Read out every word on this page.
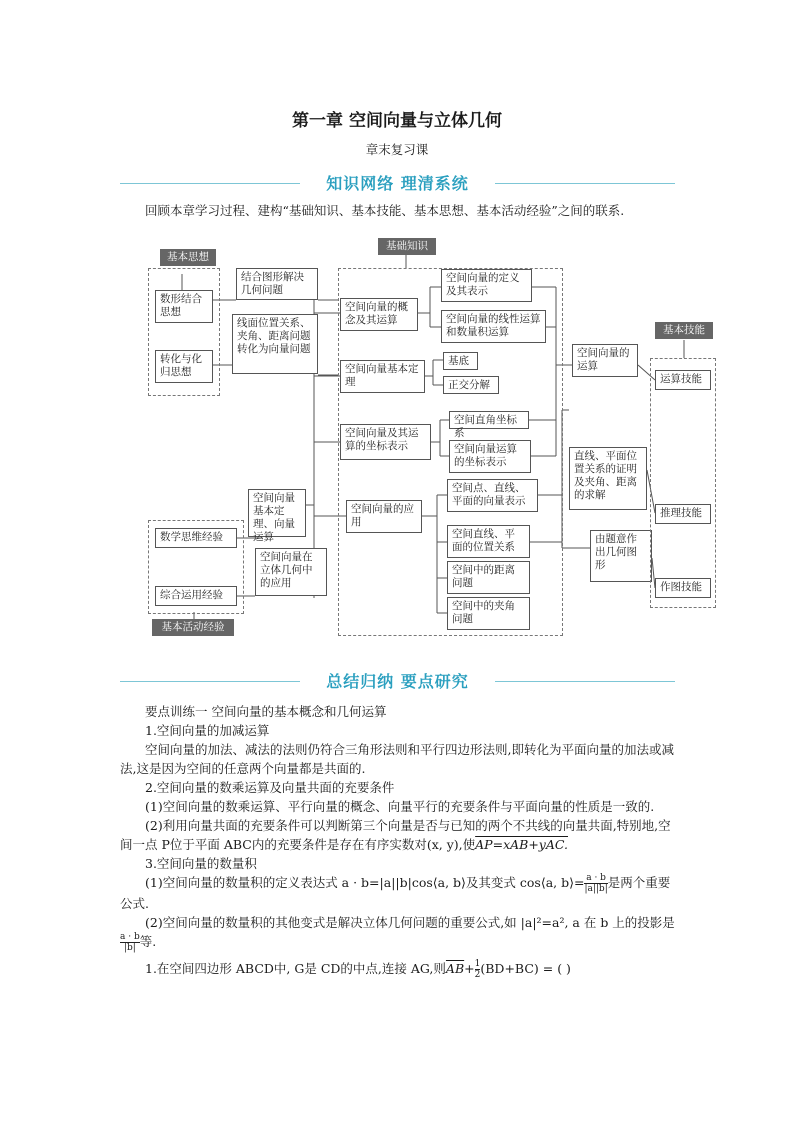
第一章 空间向量与立体几何
章末复习课
知识网络 理清系统
回顾本章学习过程、建构“基础知识、基本技能、基本思想、基本活动经验”之间的联系.
基本思想
数形结合思想
转化与化归思想
结合图形解决几何问题
线面位置关系、夹角、距离问题转化为向量问题
基础知识
空间向量的概念及其运算
空间向量基本定理
空间向量及其运算的坐标表示
空间向量的应用
空间向量的定义及其表示
空间向量的线性运算和数量积运算
基底
正交分解
空间直角坐标系
空间向量运算的坐标表示
空间点、直线、平面的向量表示
空间直线、平面的位置关系
空间中的距离问题
空间中的夹角问题
空间向量的运算
直线、平面位置关系的证明及夹角、距离的求解
由题意作出几何图形
基本技能
运算技能
推理技能
作图技能
数学思维经验
综合运用经验
空间向量基本定理、向量运算
空间向量在立体几何中的应用
基本活动经验
总结归纳 要点研究
要点训练一 空间向量的基本概念和几何运算
1.空间向量的加减运算
空间向量的加法、减法的法则仍符合三角形法则和平行四边形法则,即转化为平面向量的加法或减法,这是因为空间的任意两个向量都是共面的.
2.空间向量的数乘运算及向量共面的充要条件
(1)空间向量的数乘运算、平行向量的概念、向量平行的充要条件与平面向量的性质是一致的.
(2)利用向量共面的充要条件可以判断第三个向量是否与已知的两个不共线的向量共面,特别地,空间一点 P位于平面 ABC内的充要条件是存在有序实数对(x, y),使AP=xAB+yAC.
3.空间向量的数量积
(1)空间向量的数量积的定义表达式 a · b=|a||b|cos⟨a, b⟩及其变式 cos⟨a, b⟩= $\frac{a \cdot b}{|a||b|}$ 是两个重要公式.
(2)空间向量的数量积的其他变式是解决立体几何问题的重要公式,如 |a|²=a², a 在 b 上的投影是
$\frac{a \cdot b}{|b|}$ 等.
1.在空间四边形 ABCD中, G是 CD的中点,连接 AG,则$\overline{AB}+ \frac{1}{2} (BD+BC)$ = ( )
